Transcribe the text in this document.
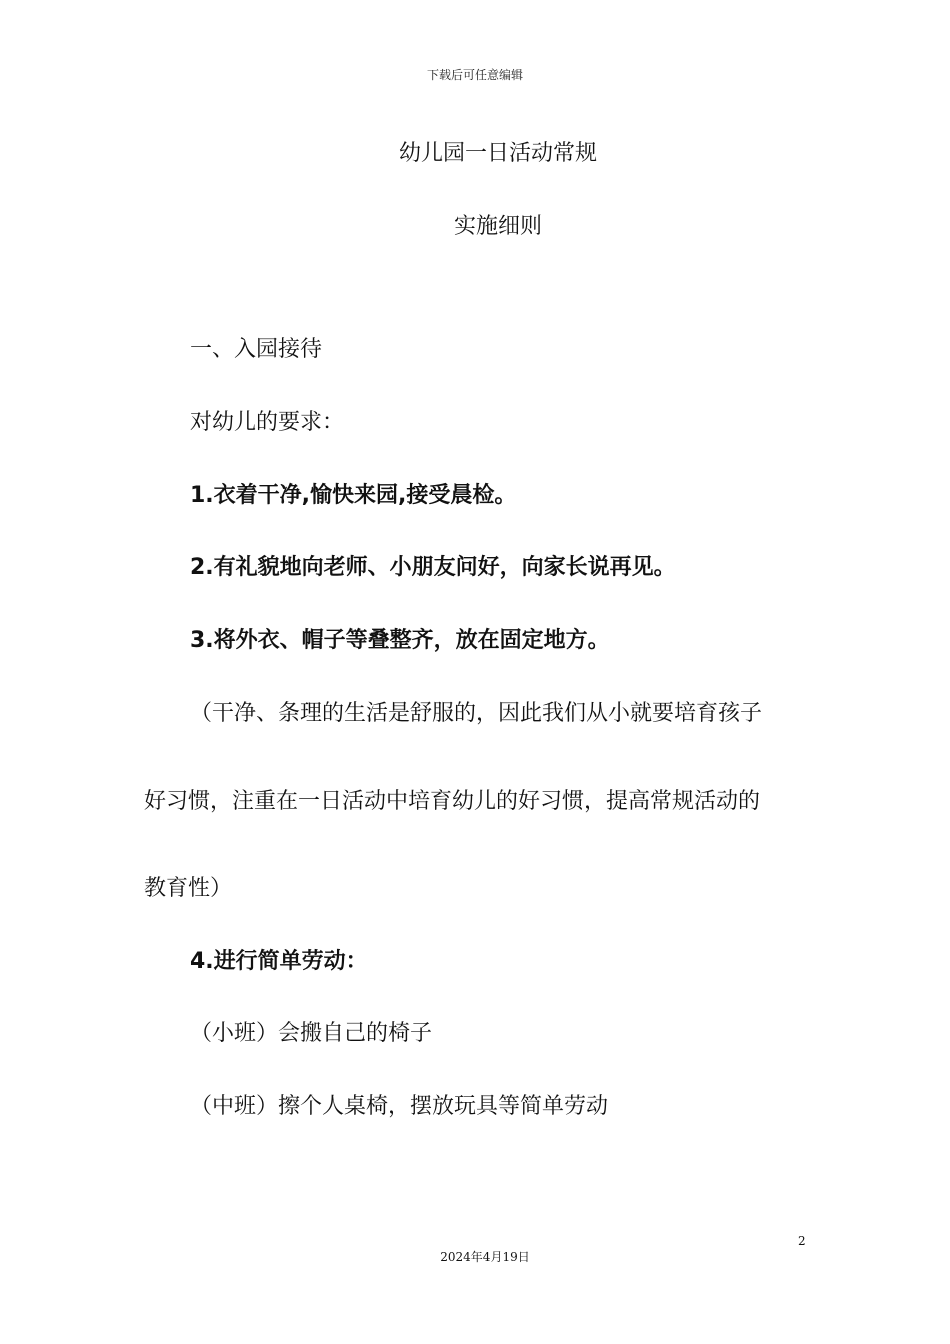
下载后可任意编辑
幼儿园一日活动常规
实施细则
一、入园接待
对幼儿的要求：
1.衣着干净,愉快来园,接受晨检。
2.有礼貌地向老师、小朋友问好，向家长说再见。
3.将外衣、帽子等叠整齐，放在固定地方。
（干净、条理的生活是舒服的，因此我们从小就要培育孩子
好习惯，注重在一日活动中培育幼儿的好习惯，提高常规活动的
教育性）
4.进行简单劳动：
（小班）会搬自己的椅子
（中班）擦个人桌椅，摆放玩具等简单劳动
2
2024年4月19日
